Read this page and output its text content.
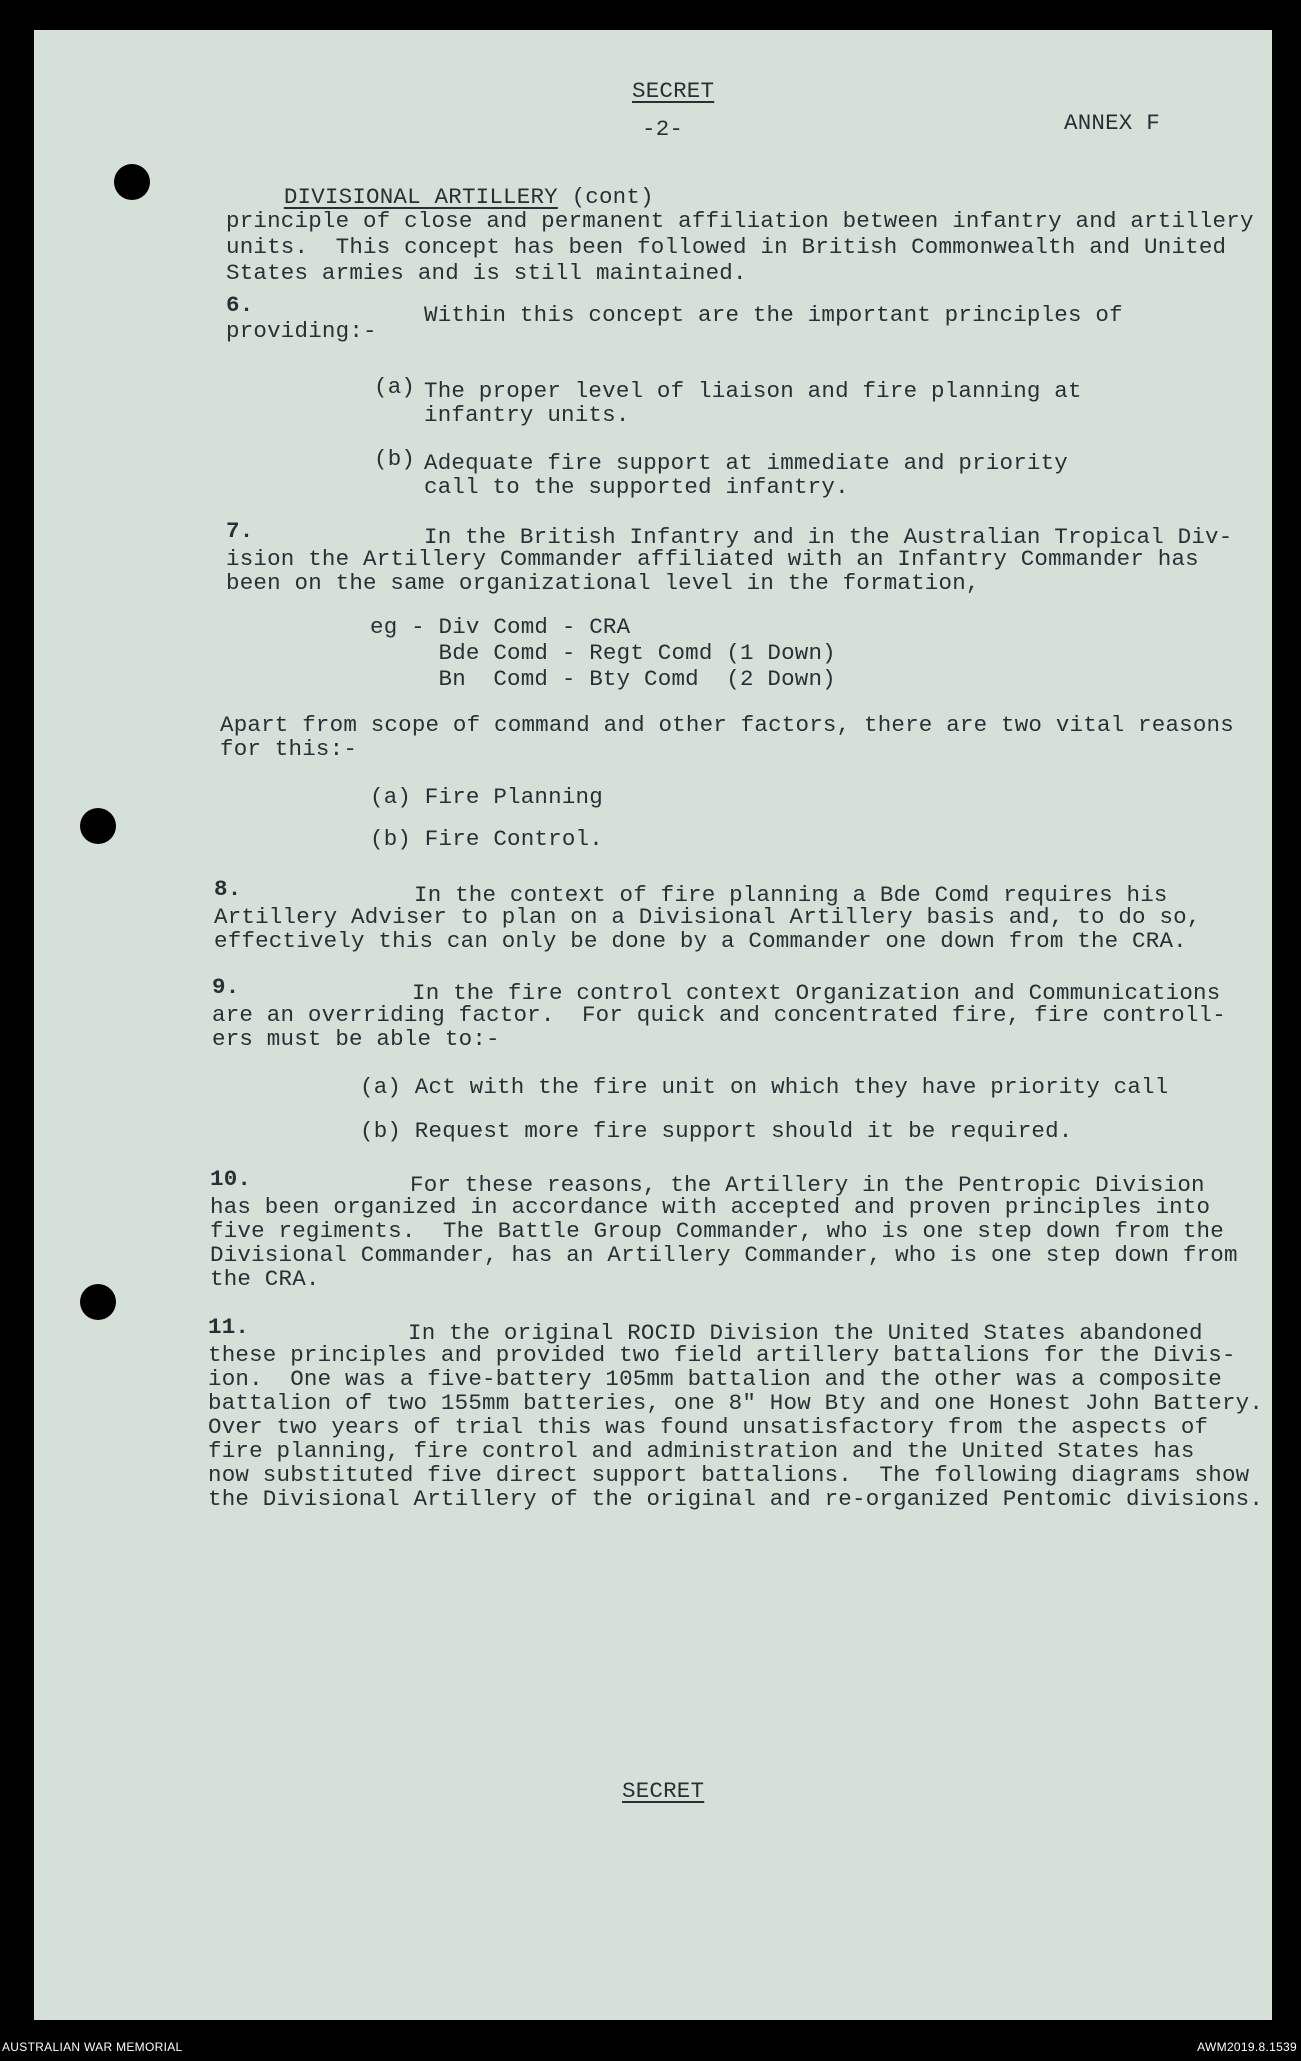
SECRET
-2-	ANNEX F

DIVISIONAL ARTILLERY (cont)

principle of close and permanent affiliation between infantry and artillery
units.  This concept has been followed in British Commonwealth and United
States armies and is still maintained.
6.	Within this concept are the important principles of
providing:-
(a) The proper level of liaison and fire planning at
infantry units.
(b) Adequate fire support at immediate and priority
call to the supported infantry.
7.	In the British Infantry and in the Australian Tropical Div-
ision the Artillery Commander affiliated with an Infantry Commander has
been on the same organizational level in the formation,
eg - Div Comd - CRA
Bde Comd - Regt Comd (1 Down)
Bn  Comd - Bty Comd  (2 Down)
Apart from scope of command and other factors, there are two vital reasons
for this:-
(a) Fire Planning
(b) Fire Control.
8.	In the context of fire planning a Bde Comd requires his
Artillery Adviser to plan on a Divisional Artillery basis and, to do so,
effectively this can only be done by a Commander one down from the CRA.
9.	In the fire control context Organization and Communications
are an overriding factor.  For quick and concentrated fire, fire controll-
ers must be able to:-
(a) Act with the fire unit on which they have priority call
(b) Request more fire support should it be required.
10.	For these reasons, the Artillery in the Pentropic Division
has been organized in accordance with accepted and proven principles into
five regiments.  The Battle Group Commander, who is one step down from the
Divisional Commander, has an Artillery Commander, who is one step down from
the CRA.
11.	In the original ROCID Division the United States abandoned
these principles and provided two field artillery battalions for the Divis-
ion.  One was a five-battery 105mm battalion and the other was a composite
battalion of two 155mm batteries, one 8" How Bty and one Honest John Battery.
Over two years of trial this was found unsatisfactory from the aspects of
fire planning, fire control and administration and the United States has
now substituted five direct support battalions.  The following diagrams show
the Divisional Artillery of the original and re-organized Pentomic divisions.
SECRET
AUSTRALIAN WAR MEMORIAL	AWM2019.8.1539
